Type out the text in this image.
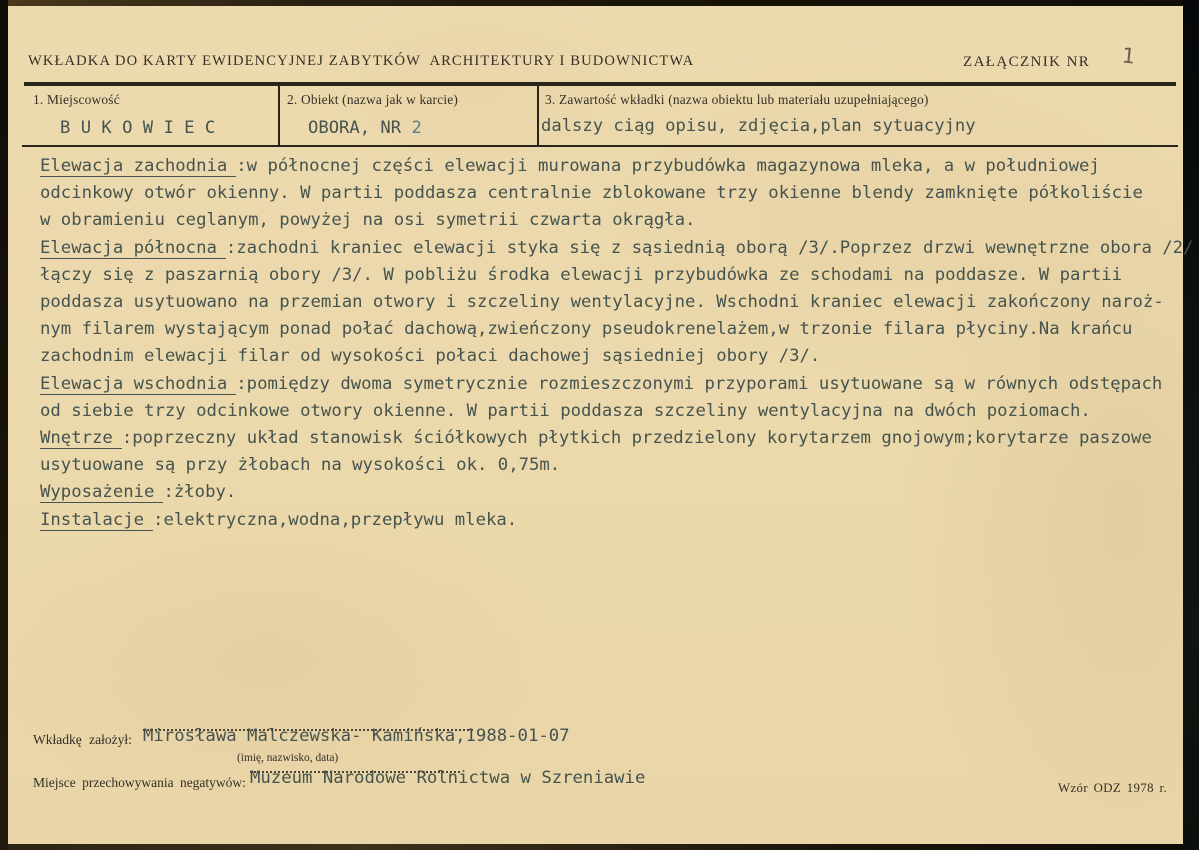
WKŁADKA DO KARTY EWIDENCYJNEJ ZABYTKÓW  ARCHITEKTURY I BUDOWNICTWA	ZAŁĄCZNIK NR 1
1. Miejscowość
B U K O W I E C
2. Obiekt (nazwa jak w karcie)
OBORA, NR 2
3. Zawartość wkładki (nazwa obiektu lub materiału uzupełniającego)
dalszy ciąg opisu, zdjęcia,plan sytuacyjny
Elewacja zachodnia :w północnej części elewacji murowana przybudówka magazynowa mleka, a w południowej
odcinkowy otwór okienny. W partii poddasza centralnie zblokowane trzy okienne blendy zamknięte półkoliście
w obramieniu ceglanym, powyżej na osi symetrii czwarta okrągła.
Elewacja północna :zachodni kraniec elewacji styka się z sąsiednią oborą /3/.Poprzez drzwi wewnętrzne obora /2/
łączy się z paszarnią obory /3/. W pobliżu środka elewacji przybudówka ze schodami na poddasze. W partii
poddasza usytuowano na przemian otwory i szczeliny wentylacyjne. Wschodni kraniec elewacji zakończony naroż-
nym filarem wystającym ponad połać dachową,zwieńczony pseudokrenelażem,w trzonie filara płyciny.Na krańcu
zachodnim elewacji filar od wysokości połaci dachowej sąsiedniej obory /3/.
Elewacja wschodnia :pomiędzy dwoma symetrycznie rozmieszczonymi przyporami usytuowane są w równych odstępach
od siebie trzy odcinkowe otwory okienne. W partii poddasza szczeliny wentylacyjna na dwóch poziomach.
Wnętrze :poprzeczny układ stanowisk ściółkowych płytkich przedzielony korytarzem gnojowym;korytarze paszowe
usytuowane są przy żłobach na wysokości ok. 0,75m.
Wyposażenie :żłoby.
Instalacje :elektryczna,wodna,przepływu mleka.
Wkładkę założył: Mirosława Malczewska- Kamińska,1988-01-07
(imię, nazwisko, data)
Miejsce przechowywania negatywów: Muzeum Narodowe Rolnictwa w Szreniawie	Wzór ODZ 1978 r.
